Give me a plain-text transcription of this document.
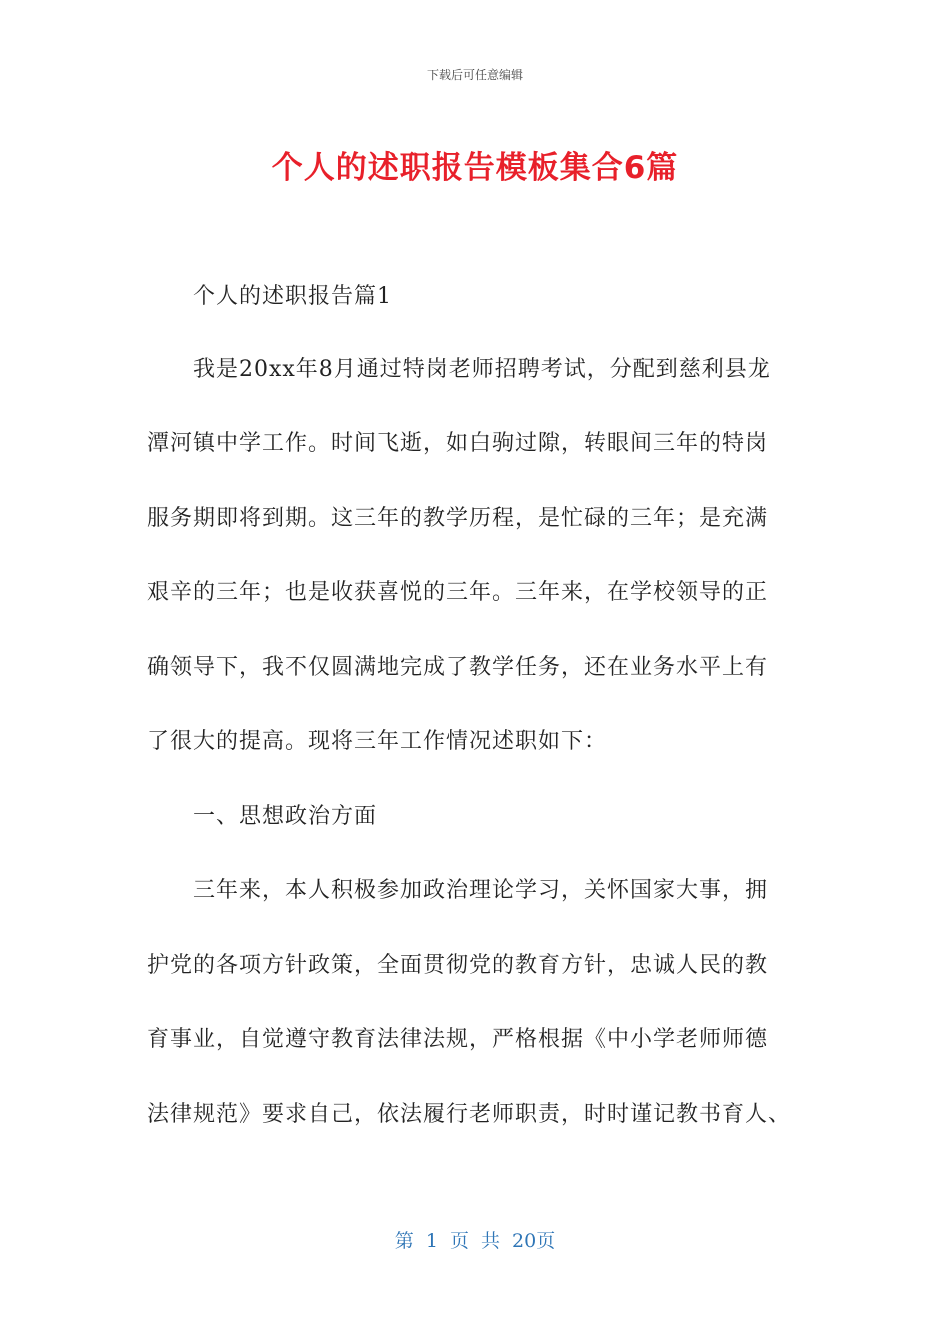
下载后可任意编辑
个人的述职报告模板集合6篇
个人的述职报告篇1
我是20xx年8月通过特岗老师招聘考试，分配到慈利县龙
潭河镇中学工作。时间飞逝，如白驹过隙，转眼间三年的特岗
服务期即将到期。这三年的教学历程，是忙碌的三年；是充满
艰辛的三年；也是收获喜悦的三年。三年来，在学校领导的正
确领导下，我不仅圆满地完成了教学任务，还在业务水平上有
了很大的提高。现将三年工作情况述职如下：
一、思想政治方面
三年来，本人积极参加政治理论学习，关怀国家大事，拥
护党的各项方针政策，全面贯彻党的教育方针，忠诚人民的教
育事业，自觉遵守教育法律法规，严格根据《中小学老师师德
法律规范》要求自己，依法履行老师职责，时时谨记教书育人、
第 1 页 共 20页
